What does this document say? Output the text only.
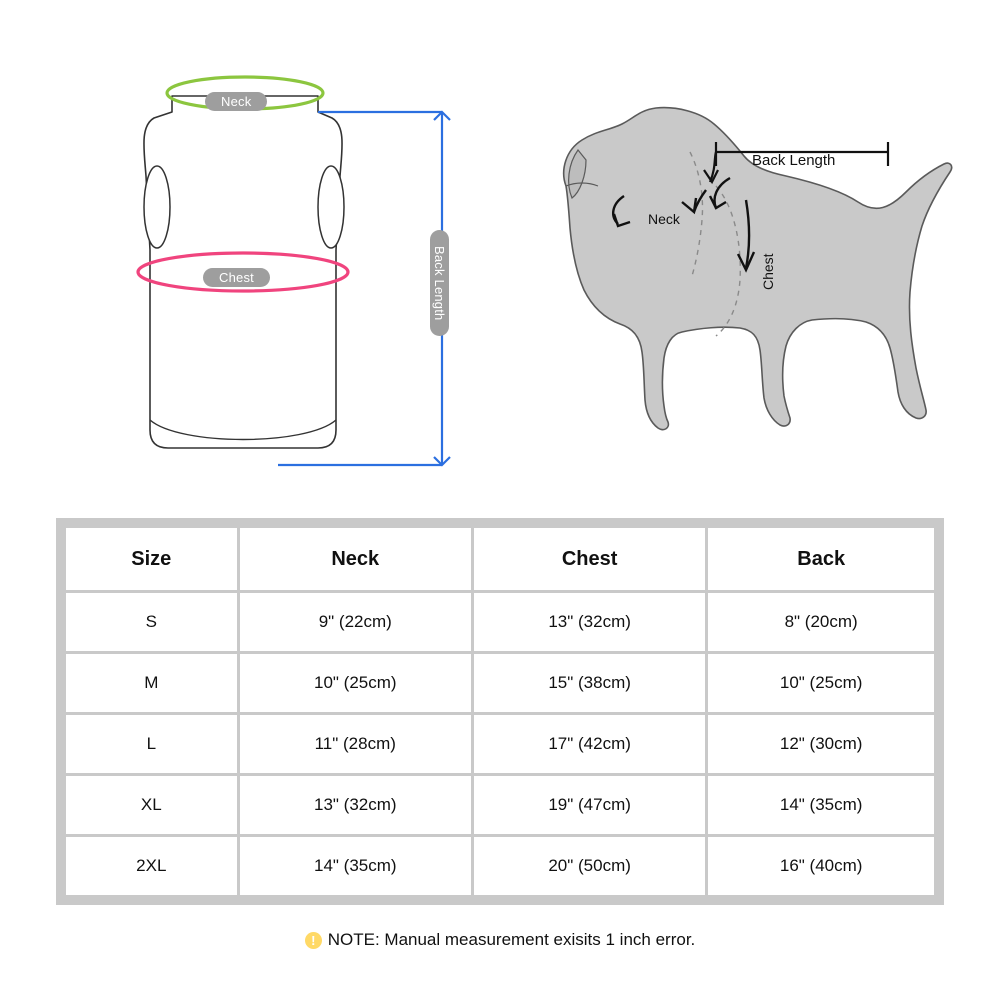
Neck
Chest	Back Length
Back Length
Neck
Chest
Size	Neck	Chest	Back
S	9" (22cm)	13" (32cm)	8" (20cm)
M	10" (25cm)	15" (38cm)	10" (25cm)
L	11" (28cm)	17" (42cm)	12" (30cm)
XL	13" (32cm)	19" (47cm)	14" (35cm)
2XL	14" (35cm)	20" (50cm)	16" (40cm)
! NOTE: Manual measurement exisits 1 inch error.
